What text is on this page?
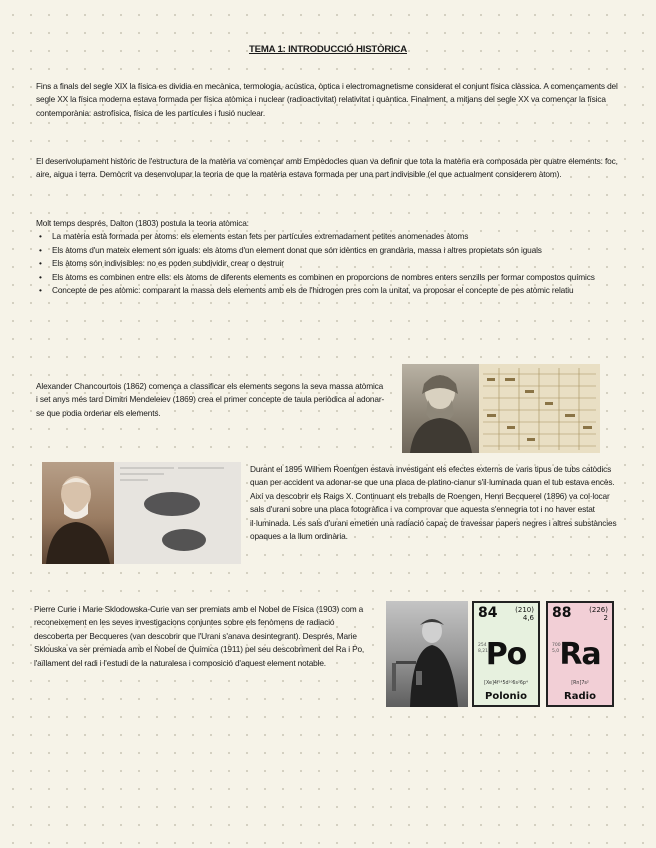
TEMA 1: INTRODUCCIÓ HISTÒRICA

Fins a finals del segle XIX la física es dividia en mecànica, termologia, acústica, òptica i electromagnetisme considerat el conjunt física clàssica. A començaments del segle XX la física moderna estava formada per física atòmica i nuclear (radioactivitat) relativitat i quàntica. Finalment, a mitjans del segle XX va començar la física contemporània: astrofísica, física de les partícules i fusió nuclear.

El desenvolupament històric de l'estructura de la matèria va començar amb Empèdocles quan va definir que tota la matèria era composada per quatre elements: foc, aire, aigua i terra. Demòcrit va desenvolupar la teoria de que la matèria estava formada per una part indivisible (el que actualment considerem àtom).

Molt temps després, Dalton (1803) postula la teoria atòmica:
• La matèria està formada per àtoms: els elements estan fets per partícules extremadament petites anomenades àtoms
• Els àtoms d'un mateix element són iguals: els àtoms d'un element donat que són idèntics en grandària, massa i altres propietats són iguals
• Els àtoms són indivisibles: no es poden subdividir, crear o destruir
• Els àtoms es combinen entre ells: els àtoms de diferents elements es combinen en proporcions de nombres enters senzills per formar compostos químics
• Concepte de pes atòmic: comparant la massa dels elements amb els de l'hidrogen pres com la unitat, va proposar el concepte de pes atòmic relatiu

Alexander Chancourtois (1862) comença a classificar els elements segons la seva massa atòmica i set anys més tard Dimitri Mendeleiev (1869) crea el primer concepte de taula periòdica al adonar-se que podia ordenar els elements.

Durant el 1895 Wilhem Roentgen estava investigant els efectes externs de varis tipus de tubs catòdics quan per accident va adonar-se que una placa de platino-cianur s'il·luminada quan el tub estava encès. Així va descobrir els Raigs X. Continuant els treballs de Roengen, Henri Becquerel (1896) va col·locar sals d'urani sobre una placa fotogràfica i va comprovar que aquesta s'ennegria tot i no haver estat il·luminada. Les sals d'urani emetien una radiació capaç de travessar papers negres i altres substàncies opaques a la llum ordinària.

Pierre Curie i Marie Sklodowska-Curie van ser premiats amb el Nobel de Física (1903) com a reconeixement en les seves investigacions conjuntes sobre els fenòmens de radiació descoberta per Becqueres (van descobrir que l'Urani s'anava desintegrant). Després, Marie Sklouska va ser premiada amb el Nobel de Química (1911) pel seu descobriment del Ra i Po, l'aïllament del radi i l'estudi de la naturalesa i composició d'aquest element notable.

84	(210)
4,6
254
8,21
Po
[Xe]4f¹⁴5d¹⁰6s²6p⁴
Polonio
88	(226)
2
700
5,0 Ra
[Rn]7s²
Radio
